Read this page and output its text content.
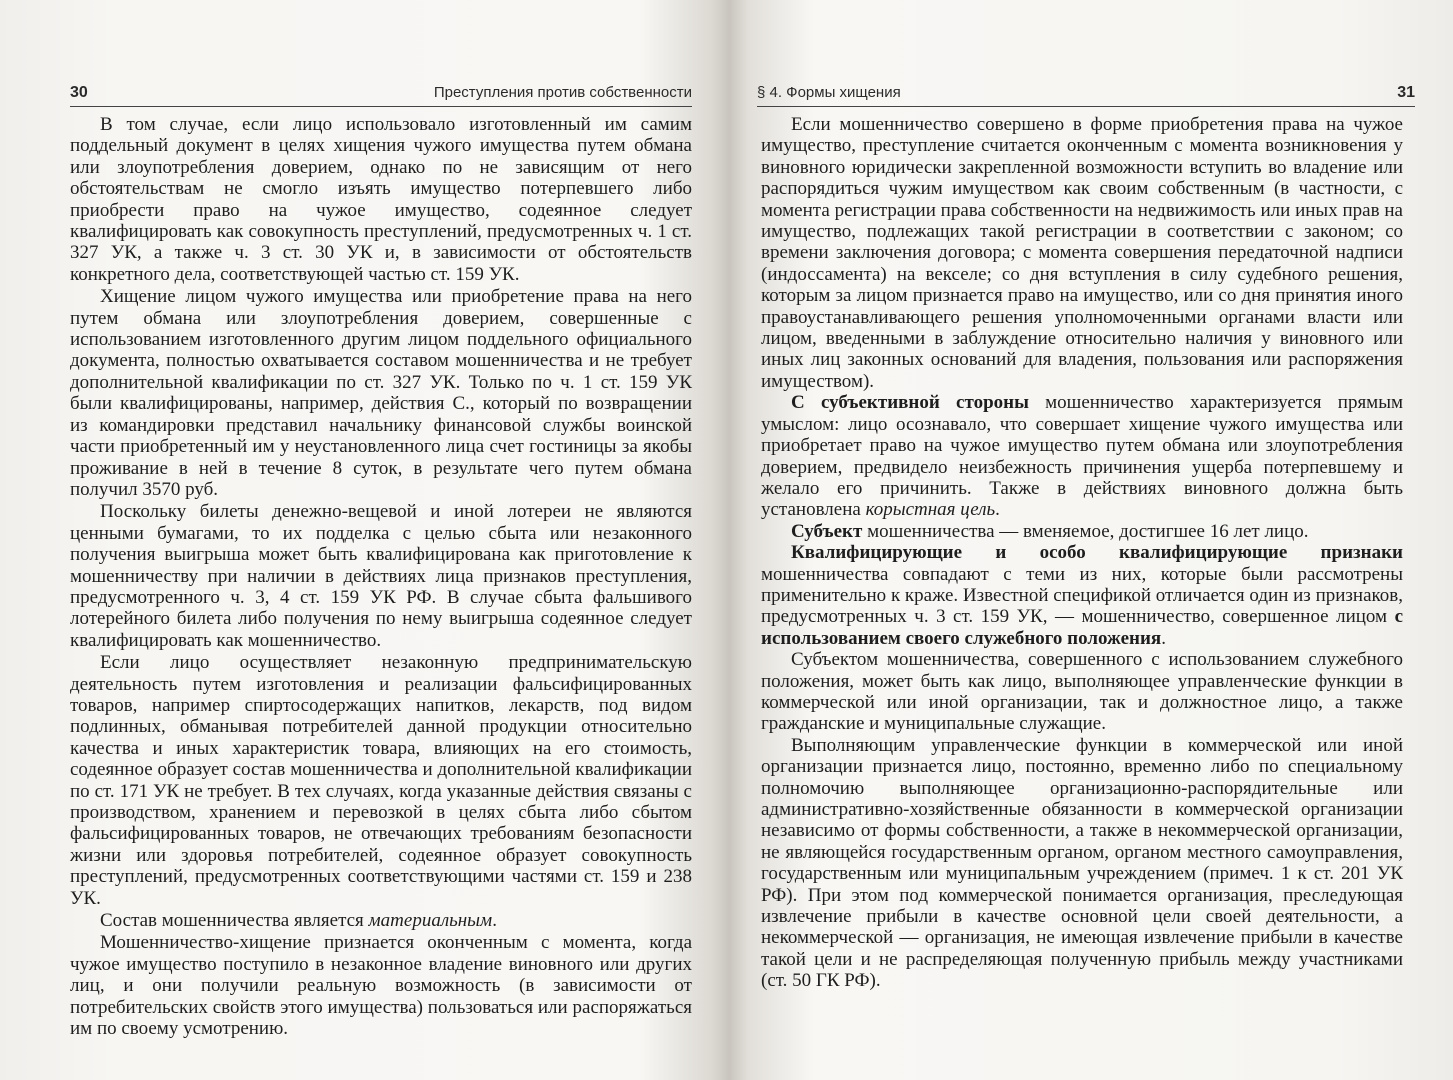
30	Преступления против собственности

В том случае, если лицо использовало изготовленный им самим поддельный документ в целях хищения чужого имущества путем обмана или злоупотребления доверием, однако по не зависящим от него обстоятельствам не смогло изъять имущество потерпевшего либо приобрести право на чужое имущество, содеянное следует квалифицировать как совокупность преступлений, предусмотренных ч. 1 ст. 327 УК, а также ч. 3 ст. 30 УК и, в зависимости от обстоятельств конкретного дела, соответствующей частью ст. 159 УК.

Хищение лицом чужого имущества или приобретение права на него путем обмана или злоупотребления доверием, совершенные с использованием изготовленного другим лицом поддельного официального документа, полностью охватывается составом мошенничества и не требует дополнительной квалификации по ст. 327 УК. Только по ч. 1 ст. 159 УК были квалифицированы, например, действия С., который по возвращении из командировки представил начальнику финансовой службы воинской части приобретенный им у неустановленного лица счет гостиницы за якобы проживание в ней в течение 8 суток, в результате чего путем обмана получил 3570 руб.

Поскольку билеты денежно-вещевой и иной лотереи не являются ценными бумагами, то их подделка с целью сбыта или незаконного получения выигрыша может быть квалифицирована как приготовление к мошенничеству при наличии в действиях лица признаков преступления, предусмотренного ч. 3, 4 ст. 159 УК РФ. В случае сбыта фальшивого лотерейного билета либо получения по нему выигрыша содеянное следует квалифицировать как мошенничество.

Если лицо осуществляет незаконную предпринимательскую деятельность путем изготовления и реализации фальсифицированных товаров, например спиртосодержащих напитков, лекарств, под видом подлинных, обманывая потребителей данной продукции относительно качества и иных характеристик товара, влияющих на его стоимость, содеянное образует состав мошенничества и дополнительной квалификации по ст. 171 УК не требует. В тех случаях, когда указанные действия связаны с производством, хранением и перевозкой в целях сбыта либо сбытом фальсифицированных товаров, не отвечающих требованиям безопасности жизни или здоровья потребителей, содеянное образует совокупность преступлений, предусмотренных соответствующими частями ст. 159 и 238 УК.

Состав мошенничества является материальным.

Мошенничество-хищение признается оконченным с момента, когда чужое имущество поступило в незаконное владение виновного или других лиц, и они получили реальную возможность (в зависимости от потребительских свойств этого имущества) пользоваться или распоряжаться им по своему усмотрению.

§ 4. Формы хищения	31

Если мошенничество совершено в форме приобретения права на чужое имущество, преступление считается оконченным с момента возникновения у виновного юридически закрепленной возможности вступить во владение или распорядиться чужим имуществом как своим собственным (в частности, с момента регистрации права собственности на недвижимость или иных прав на имущество, подлежащих такой регистрации в соответствии с законом; со времени заключения договора; с момента совершения передаточной надписи (индоссамента) на векселе; со дня вступления в силу судебного решения, которым за лицом признается право на имущество, или со дня принятия иного правоустанавливающего решения уполномоченными органами власти или лицом, введенными в заблуждение относительно наличия у виновного или иных лиц законных оснований для владения, пользования или распоряжения имуществом).

С субъективной стороны мошенничество характеризуется прямым умыслом: лицо осознавало, что совершает хищение чужого имущества или приобретает право на чужое имущество путем обмана или злоупотребления доверием, предвидело неизбежность причинения ущерба потерпевшему и желало его причинить. Также в действиях виновного должна быть установлена корыстная цель.

Субъект мошенничества — вменяемое, достигшее 16 лет лицо.

Квалифицирующие и особо квалифицирующие признаки мошенничества совпадают с теми из них, которые были рассмотрены применительно к краже. Известной спецификой отличается один из признаков, предусмотренных ч. 3 ст. 159 УК, — мошенничество, совершенное лицом с использованием своего служебного положения.

Субъектом мошенничества, совершенного с использованием служебного положения, может быть как лицо, выполняющее управленческие функции в коммерческой или иной организации, так и должностное лицо, а также гражданские и муниципальные служащие.

Выполняющим управленческие функции в коммерческой или иной организации признается лицо, постоянно, временно либо по специальному полномочию выполняющее организационно-распорядительные или административно-хозяйственные обязанности в коммерческой организации независимо от формы собственности, а также в некоммерческой организации, не являющейся государственным органом, органом местного самоуправления, государственным или муниципальным учреждением (примеч. 1 к ст. 201 УК РФ). При этом под коммерческой понимается организация, преследующая извлечение прибыли в качестве основной цели своей деятельности, а некоммерческой — организация, не имеющая извлечение прибыли в качестве такой цели и не распределяющая полученную прибыль между участниками (ст. 50 ГК РФ).
